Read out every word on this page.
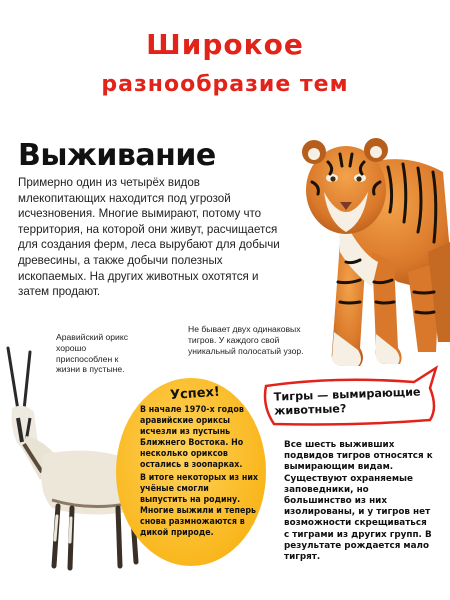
Широкое
разнообразие тем
Выживание
Примерно один из четырёх видов млекопитающих находится под угрозой исчезновения. Многие вымирают, потому что территория, на которой они живут, расчищается для создания ферм, леса вырубают для добычи древесины, а также добычи полезных ископаемых. На других животных охотятся и затем продают.
Не бывает двух одинаковых тигров. У каждого свой уникальный полосатый узор.
Аравийский орикс хорошо приспособлен к жизни в пустыне.
Успех!

В начале 1970-х годов аравийские ориксы исчезли из пустынь Ближнего Востока. Но несколько ориксов остались в зоопарках.

В итоге некоторых из них учёные смогли выпустить на родину. Многие выжили и теперь снова размножаются в дикой природе.

Тигры — вымирающие животные?
Все шесть выживших подвидов тигров относятся к вымирающим видам. Существуют охраняемые заповедники, но большинство из них изолированы, и у тигров нет возможности скрещиваться с тиграми из других групп. В результате рождается мало тигрят.
